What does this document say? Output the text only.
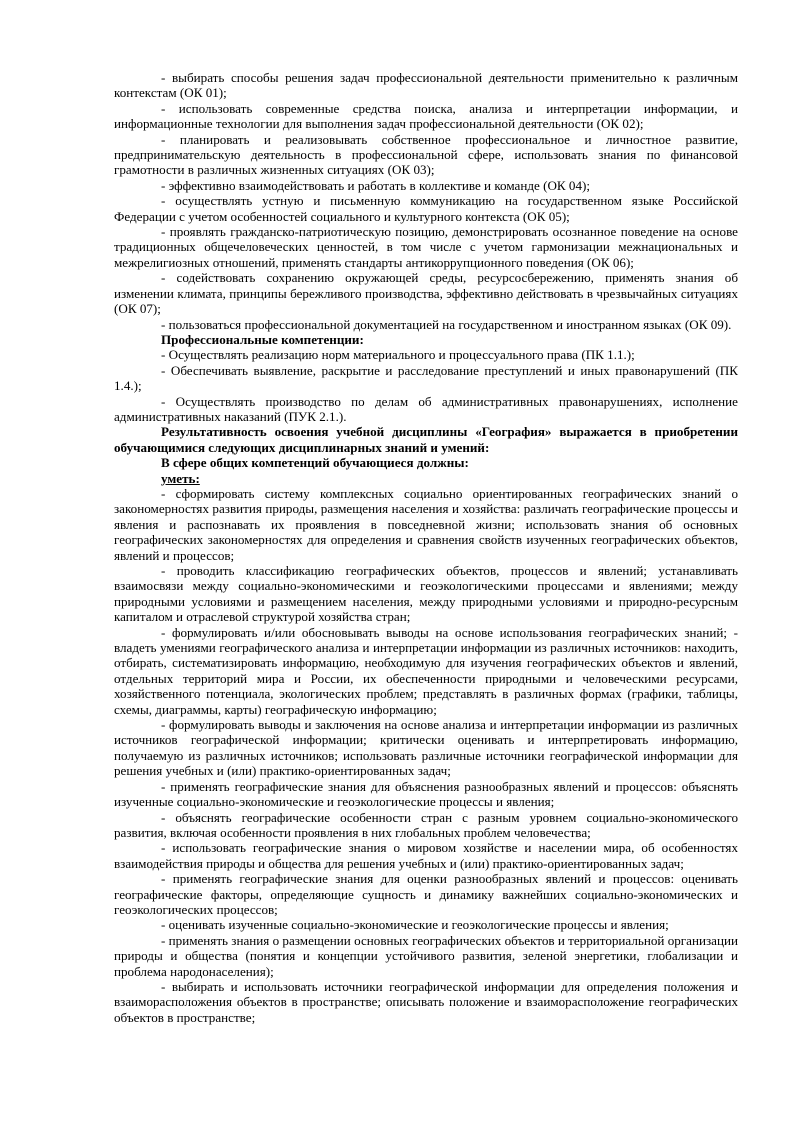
- выбирать способы решения задач профессиональной деятельности применительно к различным контекстам (ОК 01);

- использовать современные средства поиска, анализа и интерпретации информации, и информационные технологии для выполнения задач профессиональной деятельности (ОК 02);

- планировать и реализовывать собственное профессиональное и личностное развитие, предпринимательскую деятельность в профессиональной сфере, использовать знания по финансовой грамотности в различных жизненных ситуациях (ОК 03);

- эффективно взаимодействовать и работать в коллективе и команде (ОК 04);

- осуществлять устную и письменную коммуникацию на государственном языке Российской Федерации с учетом особенностей социального и культурного контекста (ОК 05);

- проявлять гражданско-патриотическую позицию, демонстрировать осознанное поведение на основе традиционных общечеловеческих ценностей, в том числе с учетом гармонизации межнациональных и межрелигиозных отношений, применять стандарты антикоррупционного поведения (ОК 06);

- содействовать сохранению окружающей среды, ресурсосбережению, применять знания об изменении климата, принципы бережливого производства, эффективно действовать в чрезвычайных ситуациях (ОК 07);

- пользоваться профессиональной документацией на государственном и иностранном языках (ОК 09).

Профессиональные компетенции:

- Осуществлять реализацию норм материального и процессуального права (ПК 1.1.);

- Обеспечивать выявление, раскрытие и расследование преступлений и иных правонарушений (ПК 1.4.);

- Осуществлять производство по делам об административных правонарушениях, исполнение административных наказаний (ПУК 2.1.).

Результативность освоения учебной дисциплины «География» выражается в приобретении обучающимися следующих дисциплинарных знаний и умений:

В сфере общих компетенций обучающиеся должны:

уметь:

- сформировать систему комплексных социально ориентированных географических знаний о закономерностях развития природы, размещения населения и хозяйства: различать географические процессы и явления и распознавать их проявления в повседневной жизни; использовать знания об основных географических закономерностях для определения и сравнения свойств изученных географических объектов, явлений и процессов;

- проводить классификацию географических объектов, процессов и явлений; устанавливать взаимосвязи между социально-экономическими и геоэкологическими процессами и явлениями; между природными условиями и размещением населения, между природными условиями и природно-ресурсным капиталом и отраслевой структурой хозяйства стран;

- формулировать и/или обосновывать выводы на основе использования географических знаний; - владеть умениями географического анализа и интерпретации информации из различных источников: находить, отбирать, систематизировать информацию, необходимую для изучения географических объектов и явлений, отдельных территорий мира и России, их обеспеченности природными и человеческими ресурсами, хозяйственного потенциала, экологических проблем; представлять в различных формах (графики, таблицы, схемы, диаграммы, карты) географическую информацию;

- формулировать выводы и заключения на основе анализа и интерпретации информации из различных источников географической информации; критически оценивать и интерпретировать информацию, получаемую из различных источников; использовать различные источники географической информации для решения учебных и (или) практико-ориентированных задач;

- применять географические знания для объяснения разнообразных явлений и процессов: объяснять изученные социально-экономические и геоэкологические процессы и явления;

- объяснять географические особенности стран с разным уровнем социально-экономического развития, включая особенности проявления в них глобальных проблем человечества;

- использовать географические знания о мировом хозяйстве и населении мира, об особенностях взаимодействия природы и общества для решения учебных и (или) практико-ориентированных задач;

- применять географические знания для оценки разнообразных явлений и процессов: оценивать географические факторы, определяющие сущность и динамику важнейших социально-экономических и геоэкологических процессов;

- оценивать изученные социально-экономические и геоэкологические процессы и явления;

- применять знания о размещении основных географических объектов и территориальной организации природы и общества (понятия и концепции устойчивого развития, зеленой энергетики, глобализации и проблема народонаселения);

- выбирать и использовать источники географической информации для определения положения и взаиморасположения объектов в пространстве; описывать положение и взаиморасположение географических объектов в пространстве;
